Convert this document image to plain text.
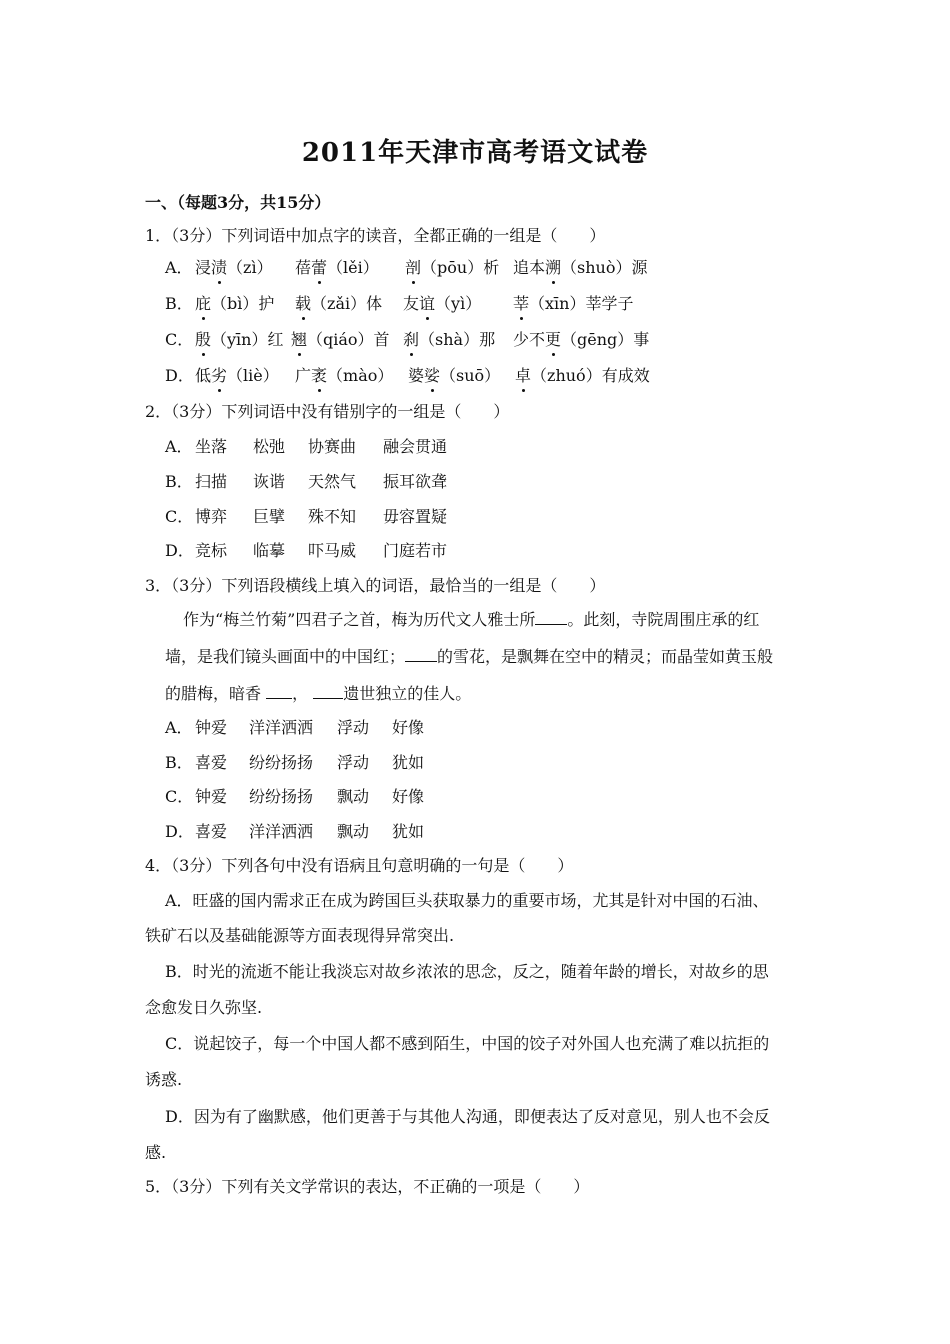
2011年天津市高考语文试卷
一、（每题3分，共15分）
1．（3分）下列词语中加点字的读音，全都正确的一组是（　　）
A． 浸渍（zì） 蓓蕾（lěi） 剖（pōu）析 追本溯（shuò）源
B． 庇（bì）护 载（zǎi）体 友谊（yì） 莘（xīn）莘学子
C． 殷（yīn）红 翘（qiáo）首 刹（shà）那 少不更（gēng）事
D． 低劣（liè） 广袤（mào） 婆娑（suō） 卓（zhuó）有成效
2．（3分）下列词语中没有错别字的一组是（　　）
A． 坐落 松弛 协赛曲 融会贯通
B． 扫描 诙谐 天然气 振耳欲聋
C． 博弈 巨擘 殊不知 毋容置疑
D． 竞标 临摹 吓马威 门庭若市
3．（3分）下列语段横线上填入的词语，最恰当的一组是（　　）
作为“梅兰竹菊”四君子之首，梅为历代文人雅士所 。此刻，寺院周围庄承的红
墙，是我们镜头画面中的中国红； 的雪花，是飘舞在空中的精灵；而晶莹如黄玉般
的腊梅，暗香 ， 遗世独立的佳人。
A． 钟爱 洋洋洒洒 浮动 好像
B． 喜爱 纷纷扬扬 浮动 犹如
C． 钟爱 纷纷扬扬 飘动 好像
D． 喜爱 洋洋洒洒 飘动 犹如
4．（3分）下列各句中没有语病且句意明确的一句是（　　）
A．旺盛的国内需求正在成为跨国巨头获取暴力的重要市场，尤其是针对中国的石油、
铁矿石以及基础能源等方面表现得异常突出.
B．时光的流逝不能让我淡忘对故乡浓浓的思念，反之，随着年龄的增长，对故乡的思
念愈发日久弥坚.
C．说起饺子，每一个中国人都不感到陌生，中国的饺子对外国人也充满了难以抗拒的
诱惑.
D．因为有了幽默感，他们更善于与其他人沟通，即便表达了反对意见，别人也不会反
感.
5．（3分）下列有关文学常识的表达，不正确的一项是（　　）
